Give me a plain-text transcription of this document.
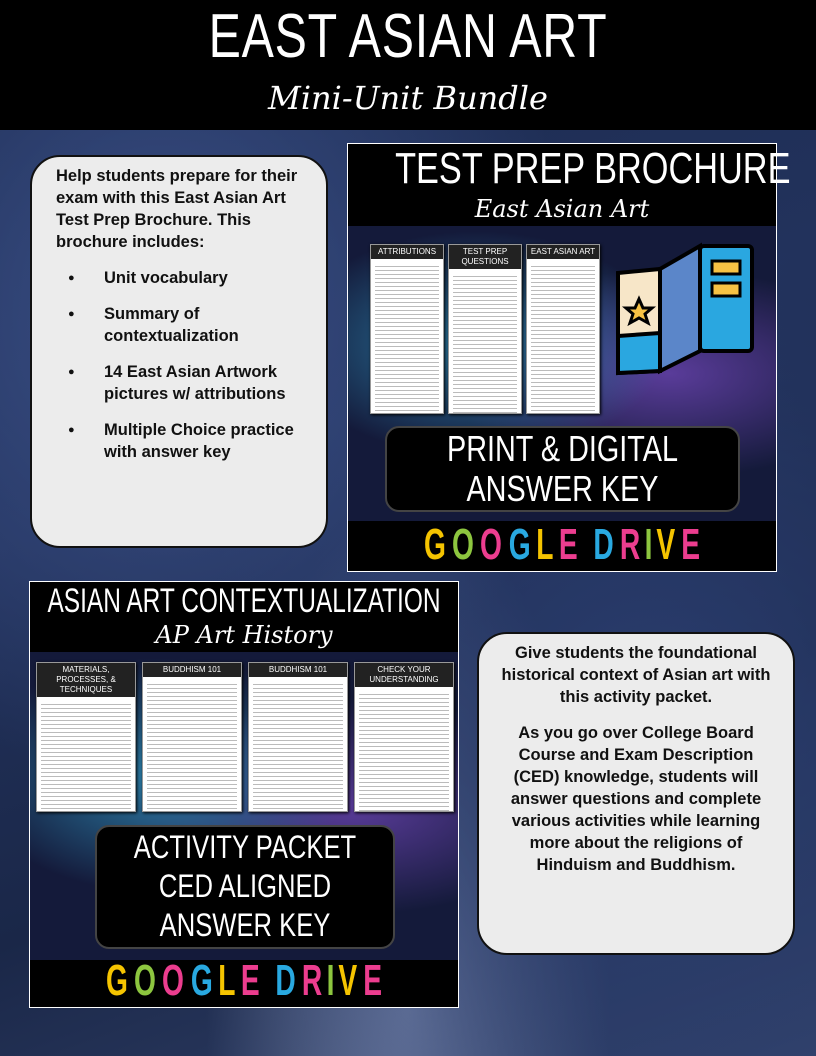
EAST ASIAN ART
Mini-Unit Bundle
Help students prepare for their exam with this East Asian Art Test Prep Brochure. This brochure includes:
● Unit vocabulary
● Summary of contextualization
● 14 East Asian Artwork pictures w/ attributions
● Multiple Choice practice with answer key
TEST PREP BROCHURE
East Asian Art
ATTRIBUTIONS	TEST PREP QUESTIONS
EAST ASIAN ART
PRINT & DIGITAL
ANSWER KEY
G O O G L E D RIV E
ASIAN ART CONTEXTUALIZATION
AP Art History
MATERIALS, PROCESSES, & TECHNIQUES
BUDDHISM 101	BUDDHISM 101	CHECK YOUR UNDERSTANDING
ACTIVITY PACKET
CED ALIGNED
ANSWER KEY
G O O G L E D RIV E

Give students the foundational historical context of Asian art with this activity packet.

As you go over College Board Course and Exam Description (CED) knowledge, students will answer questions and complete various activities while learning more about the religions of Hinduism and Buddhism.
